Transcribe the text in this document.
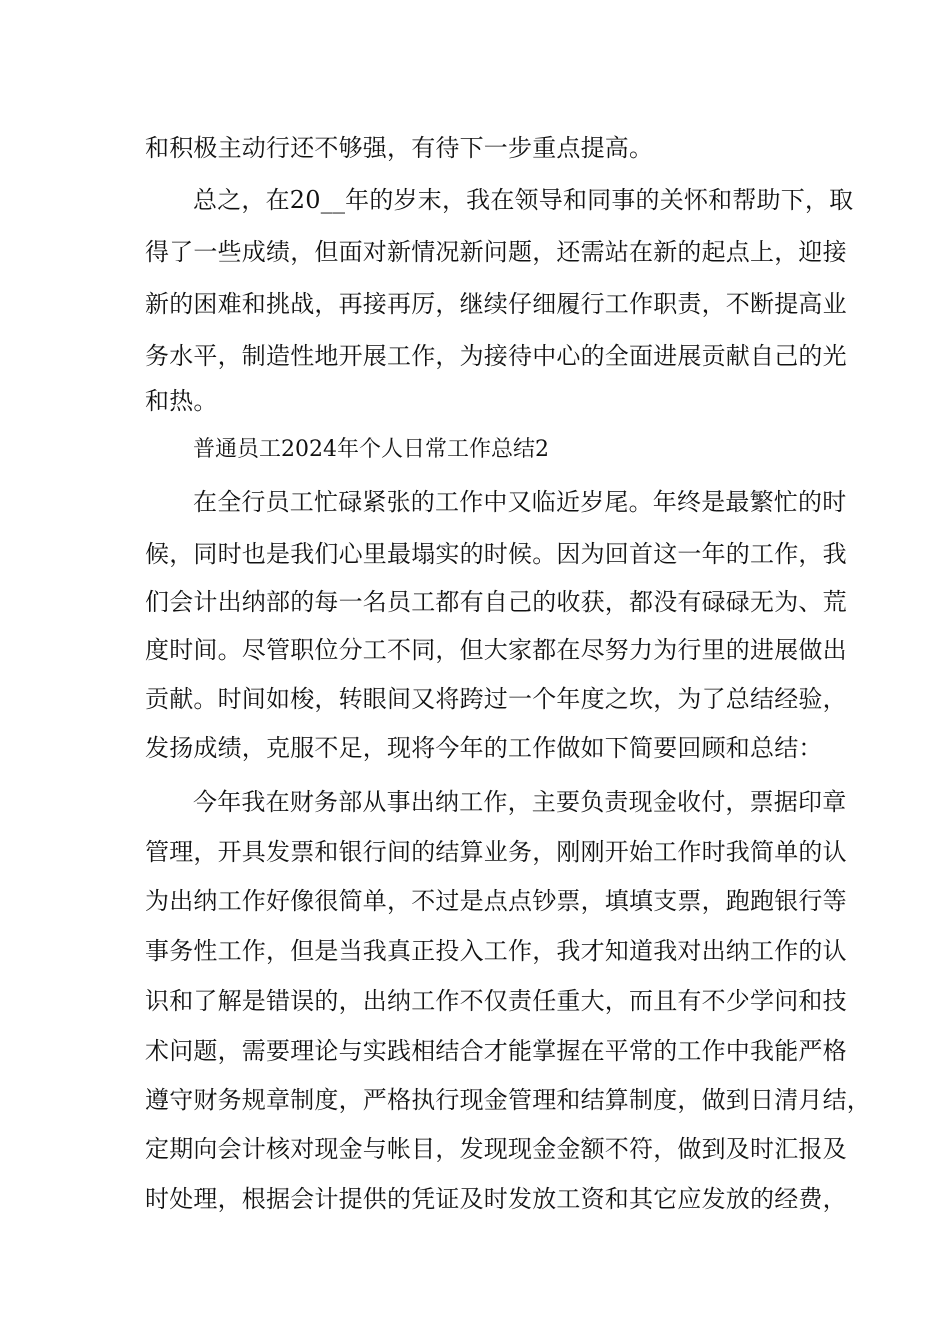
和积极主动行还不够强，有待下一步重点提高。
总之，在20__年的岁末，我在领导和同事的关怀和帮助下，取
得了一些成绩，但面对新情况新问题，还需站在新的起点上，迎接
新的困难和挑战，再接再厉，继续仔细履行工作职责，不断提高业
务水平，制造性地开展工作，为接待中心的全面进展贡献自己的光
和热。
普通员工2024年个人日常工作总结2
在全行员工忙碌紧张的工作中又临近岁尾。年终是最繁忙的时
候，同时也是我们心里最塌实的时候。因为回首这一年的工作，我
们会计出纳部的每一名员工都有自己的收获，都没有碌碌无为、荒
度时间。尽管职位分工不同，但大家都在尽努力为行里的进展做出
贡献。时间如梭，转眼间又将跨过一个年度之坎，为了总结经验，
发扬成绩，克服不足，现将今年的工作做如下简要回顾和总结：
今年我在财务部从事出纳工作，主要负责现金收付，票据印章
管理，开具发票和银行间的结算业务，刚刚开始工作时我简单的认
为出纳工作好像很简单，不过是点点钞票，填填支票，跑跑银行等
事务性工作，但是当我真正投入工作，我才知道我对出纳工作的认
识和了解是错误的，出纳工作不仅责任重大，而且有不少学问和技
术问题，需要理论与实践相结合才能掌握在平常的工作中我能严格
遵守财务规章制度，严格执行现金管理和结算制度，做到日清月结，
定期向会计核对现金与帐目，发现现金金额不符，做到及时汇报及
时处理，根据会计提供的凭证及时发放工资和其它应发放的经费，
